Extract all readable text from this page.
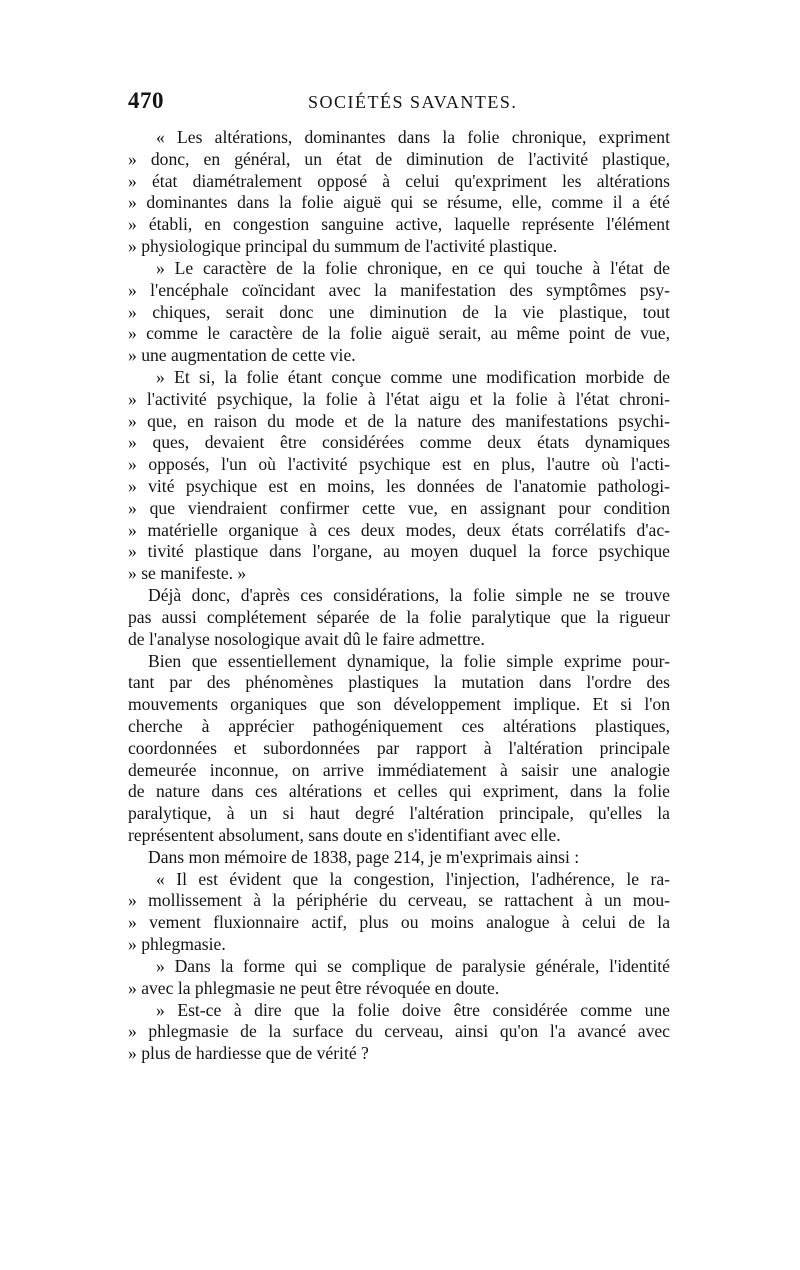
470	SOCIÉTÉS SAVANTES.
« Les altérations, dominantes dans la folie chronique, expriment
» donc, en général, un état de diminution de l'activité plastique,
» état diamétralement opposé à celui qu'expriment les altérations
» dominantes dans la folie aiguë qui se résume, elle, comme il a été
» établi, en congestion sanguine active, laquelle représente l'élément
» physiologique principal du summum de l'activité plastique.
» Le caractère de la folie chronique, en ce qui touche à l'état de
» l'encéphale coïncidant avec la manifestation des symptômes psy-
» chiques, serait donc une diminution de la vie plastique, tout
» comme le caractère de la folie aiguë serait, au même point de vue,
» une augmentation de cette vie.
» Et si, la folie étant conçue comme une modification morbide de
» l'activité psychique, la folie à l'état aigu et la folie à l'état chroni-
» que, en raison du mode et de la nature des manifestations psychi-
» ques, devaient être considérées comme deux états dynamiques
» opposés, l'un où l'activité psychique est en plus, l'autre où l'acti-
» vité psychique est en moins, les données de l'anatomie pathologi-
» que viendraient confirmer cette vue, en assignant pour condition
» matérielle organique à ces deux modes, deux états corrélatifs d'ac-
» tivité plastique dans l'organe, au moyen duquel la force psychique
» se manifeste. »
Déjà donc, d'après ces considérations, la folie simple ne se trouve
pas aussi complétement séparée de la folie paralytique que la rigueur
de l'analyse nosologique avait dû le faire admettre.
Bien que essentiellement dynamique, la folie simple exprime pour-
tant par des phénomènes plastiques la mutation dans l'ordre des
mouvements organiques que son développement implique. Et si l'on
cherche à apprécier pathogéniquement ces altérations plastiques,
coordonnées et subordonnées par rapport à l'altération principale
demeurée inconnue, on arrive immédiatement à saisir une analogie
de nature dans ces altérations et celles qui expriment, dans la folie
paralytique, à un si haut degré l'altération principale, qu'elles la
représentent absolument, sans doute en s'identifiant avec elle.
Dans mon mémoire de 1838, page 214, je m'exprimais ainsi :
« Il est évident que la congestion, l'injection, l'adhérence, le ra-
» mollissement à la périphérie du cerveau, se rattachent à un mou-
» vement fluxionnaire actif, plus ou moins analogue à celui de la
» phlegmasie.
» Dans la forme qui se complique de paralysie générale, l'identité
» avec la phlegmasie ne peut être révoquée en doute.
» Est-ce à dire que la folie doive être considérée comme une
» phlegmasie de la surface du cerveau, ainsi qu'on l'a avancé avec
» plus de hardiesse que de vérité ?
